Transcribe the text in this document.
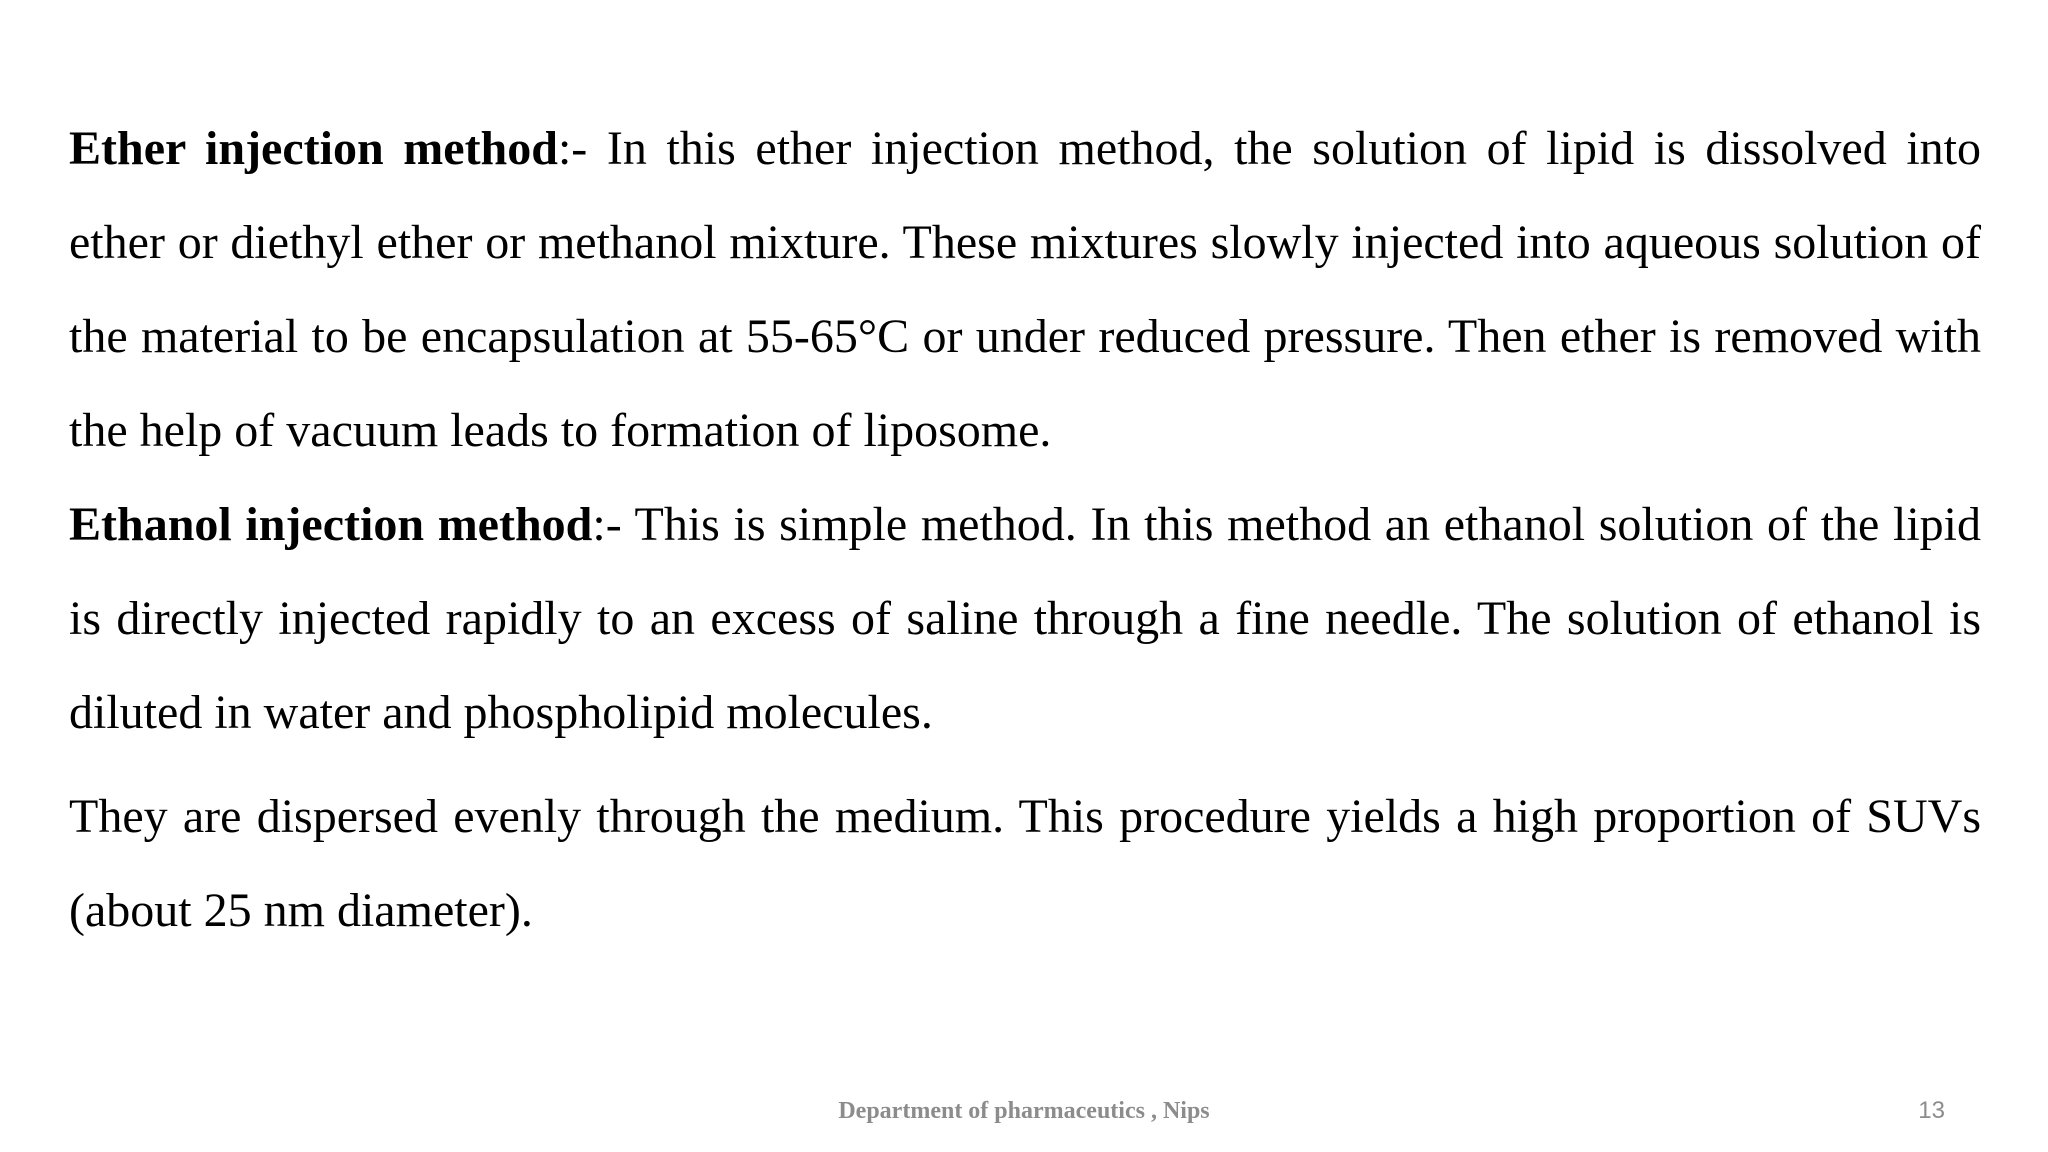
Ether injection method:- In this ether injection method, the solution of lipid is dissolved into ether or diethyl ether or methanol mixture. These mixtures slowly injected into aqueous solution of the material to be encapsulation at 55-65°C or under reduced pressure. Then ether is removed with the help of vacuum leads to formation of liposome.

Ethanol injection method:- This is simple method. In this method an ethanol solution of the lipid is directly injected rapidly to an excess of saline through a fine needle. The solution of ethanol is diluted in water and phospholipid molecules.

They are dispersed evenly through the medium. This procedure yields a high proportion of SUVs (about 25 nm diameter).

Department of pharmaceutics , Nips	13
